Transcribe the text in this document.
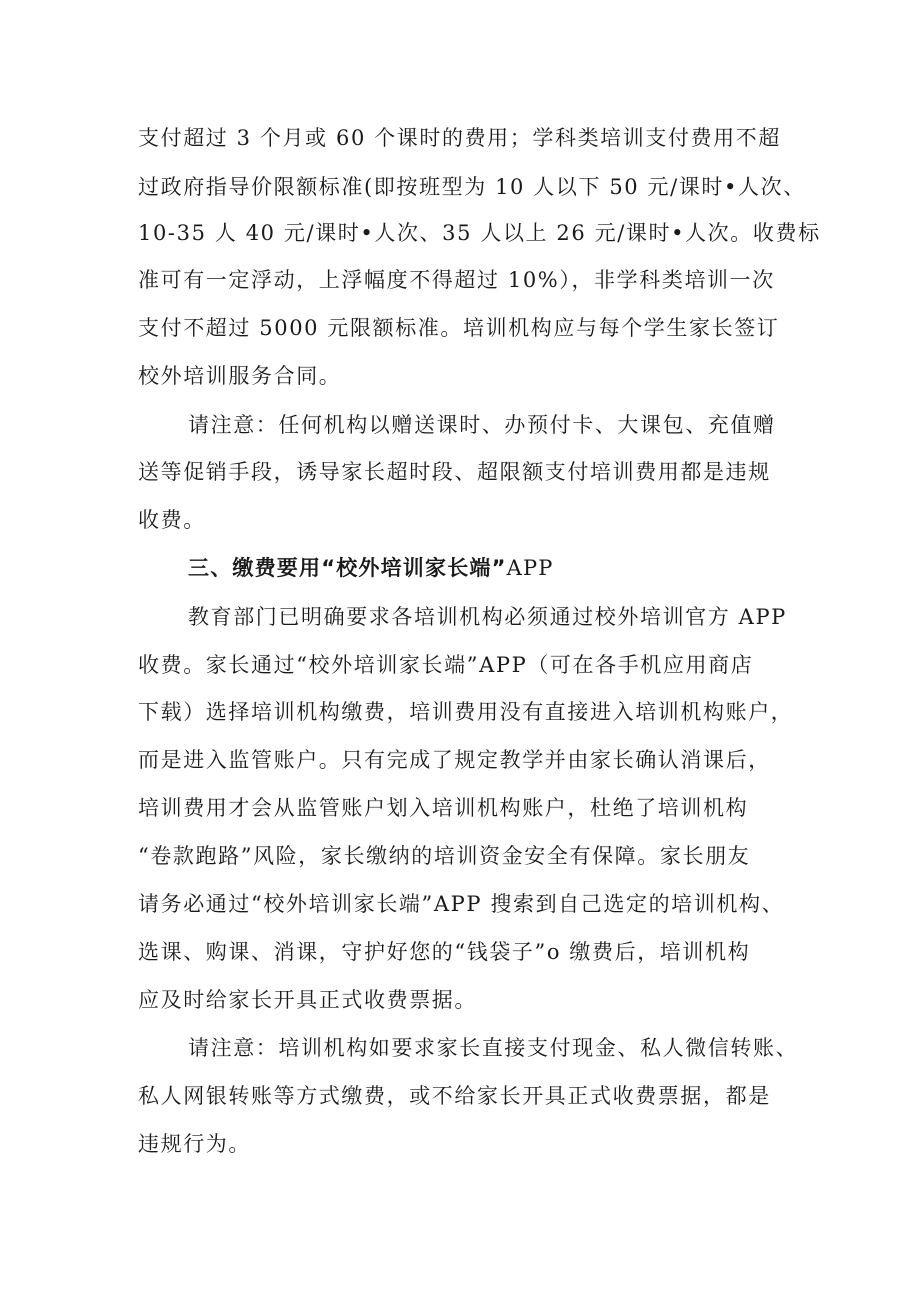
支付超过 3 个月或 60 个课时的费用；学科类培训支付费用不超
过政府指导价限额标准(即按班型为 10 人以下 50 元/课时•人次、
10-35 人 40 元/课时•人次、35 人以上 26 元/课时•人次。收费标
准可有一定浮动，上浮幅度不得超过 10%），非学科类培训一次
支付不超过 5000 元限额标准。培训机构应与每个学生家长签订
校外培训服务合同。
请注意：任何机构以赠送课时、办预付卡、大课包、充值赠
送等促销手段，诱导家长超时段、超限额支付培训费用都是违规
收费。
三、缴费要用“校外培训家长端”APP
教育部门已明确要求各培训机构必须通过校外培训官方 APP
收费。家长通过“校外培训家长端”APP（可在各手机应用商店
下载）选择培训机构缴费，培训费用没有直接进入培训机构账户，
而是进入监管账户。只有完成了规定教学并由家长确认消课后，
培训费用才会从监管账户划入培训机构账户，杜绝了培训机构
“卷款跑路”风险，家长缴纳的培训资金安全有保障。家长朋友
请务必通过“校外培训家长端”APP 搜索到自己选定的培训机构、
选课、购课、消课，守护好您的“钱袋子”o 缴费后，培训机构
应及时给家长开具正式收费票据。
请注意：培训机构如要求家长直接支付现金、私人微信转账、
私人网银转账等方式缴费，或不给家长开具正式收费票据，都是
违规行为。
